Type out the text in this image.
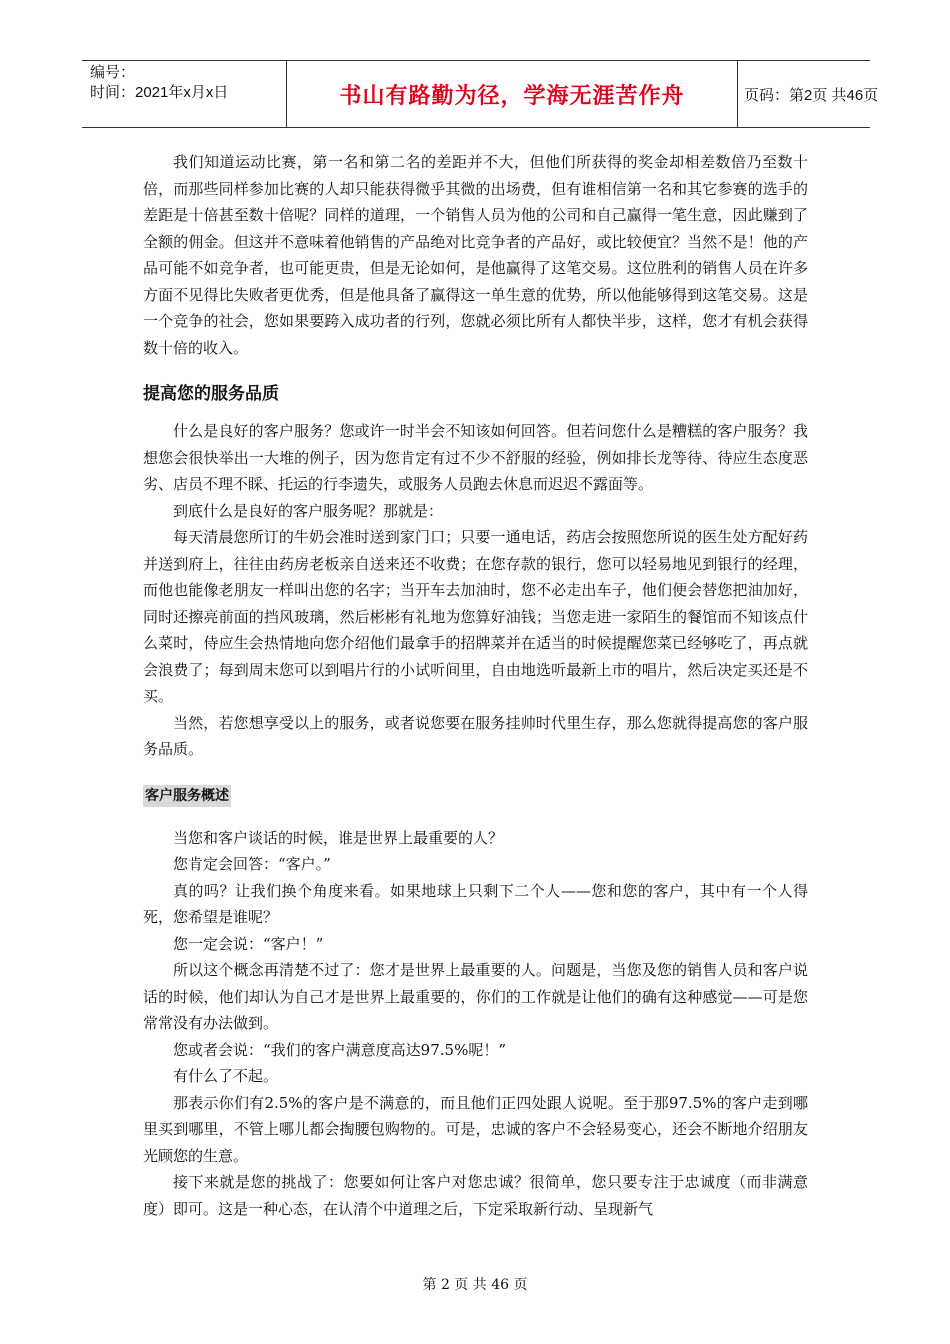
编号：
时间：2021年x月x日	书山有路勤为径，学海无涯苦作舟	页码：第2页 共46页

我们知道运动比赛，第一名和第二名的差距并不大，但他们所获得的奖金却相差数倍乃至数十倍，而那些同样参加比赛的人却只能获得微乎其微的出场费，但有谁相信第一名和其它参赛的选手的差距是十倍甚至数十倍呢？同样的道理，一个销售人员为他的公司和自己赢得一笔生意，因此赚到了全额的佣金。但这并不意味着他销售的产品绝对比竞争者的产品好，或比较便宜？当然不是！他的产品可能不如竞争者，也可能更贵，但是无论如何，是他赢得了这笔交易。这位胜利的销售人员在许多方面不见得比失败者更优秀，但是他具备了赢得这一单生意的优势，所以他能够得到这笔交易。这是一个竞争的社会，您如果要跨入成功者的行列，您就必须比所有人都快半步，这样，您才有机会获得数十倍的收入。

提高您的服务品质

什么是良好的客户服务？您或许一时半会不知该如何回答。但若问您什么是糟糕的客户服务？我想您会很快举出一大堆的例子，因为您肯定有过不少不舒服的经验，例如排长龙等待、待应生态度恶劣、店员不理不睬、托运的行李遗失，或服务人员跑去休息而迟迟不露面等。

到底什么是良好的客户服务呢？那就是：

每天清晨您所订的牛奶会准时送到家门口；只要一通电话，药店会按照您所说的医生处方配好药并送到府上，往往由药房老板亲自送来还不收费；在您存款的银行，您可以轻易地见到银行的经理，而他也能像老朋友一样叫出您的名字；当开车去加油时，您不必走出车子，他们便会替您把油加好，同时还擦亮前面的挡风玻璃，然后彬彬有礼地为您算好油钱；当您走进一家陌生的餐馆而不知该点什么菜时，侍应生会热情地向您介绍他们最拿手的招牌菜并在适当的时候提醒您菜已经够吃了，再点就会浪费了；每到周末您可以到唱片行的小试听间里，自由地选听最新上市的唱片，然后决定买还是不买。

当然，若您想享受以上的服务，或者说您要在服务挂帅时代里生存，那么您就得提高您的客户服务品质。

客户服务概述

当您和客户谈话的时候，谁是世界上最重要的人？

您肯定会回答：“客户。”

真的吗？让我们换个角度来看。如果地球上只剩下二个人——您和您的客户，其中有一个人得死，您希望是谁呢？

您一定会说：“客户！”

所以这个概念再清楚不过了：您才是世界上最重要的人。问题是，当您及您的销售人员和客户说话的时候，他们却认为自己才是世界上最重要的，你们的工作就是让他们的确有这种感觉——可是您常常没有办法做到。

您或者会说：“我们的客户满意度高达97.5%呢！”

有什么了不起。

那表示你们有2.5%的客户是不满意的，而且他们正四处跟人说呢。至于那97.5%的客户走到哪里买到哪里，不管上哪儿都会掏腰包购物的。可是，忠诚的客户不会轻易变心，还会不断地介绍朋友光顾您的生意。

接下来就是您的挑战了：您要如何让客户对您忠诚？很简单，您只要专注于忠诚度（而非满意度）即可。这是一种心态，在认清个中道理之后，下定采取新行动、呈现新气

第 2 页 共 46 页
